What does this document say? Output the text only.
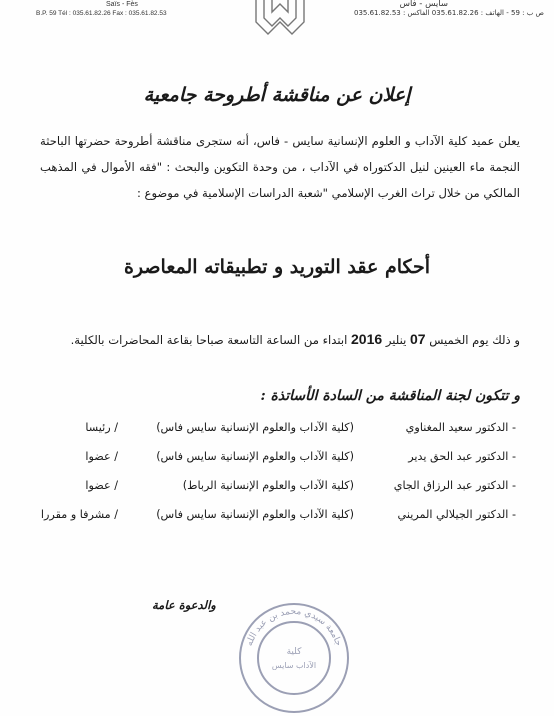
Saïs - Fès
B.P. 59 Tél : 035.61.82.26 Fax : 035.61.82.53
سايس - فاس
ص ب : 59 - الهاتف : 035.61.82.26 الفاكس : 035.61.82.53
إعلان عن مناقشة أطروحة جامعية
يعلن عميد كلية الآداب و العلوم الإنسانية سايس - فاس، أنه ستجرى مناقشة أطروحة حضرتها الباحثة النجمة ماء العينين لنيل الدكتوراه في الآداب ، من وحدة التكوين والبحث : "فقه الأموال في المذهب المالكي من خلال تراث الغرب الإسلامي "شعبة الدراسات الإسلامية في موضوع :
أحكام عقد التوريد و تطبيقاته المعاصرة
و ذلك يوم الخميس 07 ينلير 2016 ابتداء من الساعة التاسعة صباحا بقاعة المحاضرات بالكلية.
و تتكون لجنة المناقشة من السادة الأساتذة :
- الدكتور سعيد المغناوي
(كلية الآداب والعلوم الإنسانية سايس فاس)
/ رئيسا
- الدكتور عبد الحق يدير
(كلية الآداب والعلوم الإنسانية سايس فاس)
/ عضوا
- الدكتور عبد الرزاق الجاي
(كلية الآداب والعلوم الإنسانية الرباط)
/ عضوا
- الدكتور الجيلالي المريني
(كلية الآداب والعلوم الإنسانية سايس فاس)
/ مشرفا و مقررا
والدعوة عامة
جامعة سيدي محمد بن عبد الله
كلية
الآداب سايس
